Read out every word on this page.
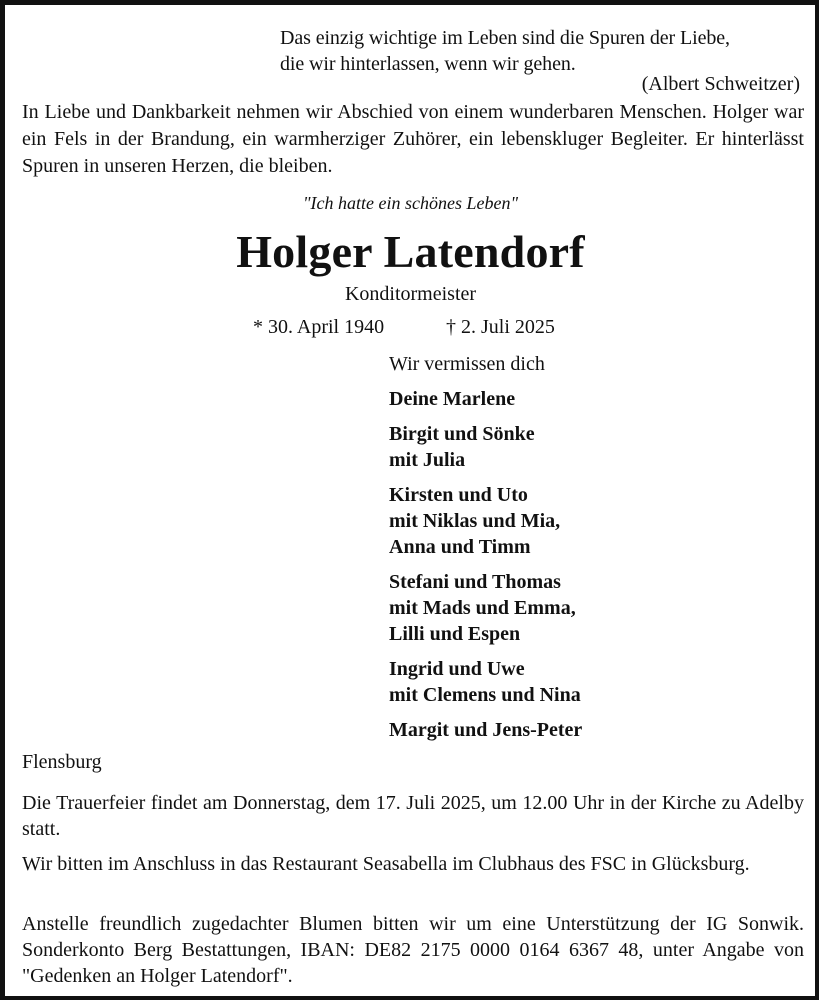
Das einzig wichtige im Leben sind die Spuren der Liebe,
die wir hinterlassen, wenn wir gehen.
(Albert Schweitzer)
In Liebe und Dankbarkeit nehmen wir Abschied von einem wunderbaren Menschen. Holger war ein Fels in der Brandung, ein warmherziger Zuhörer, ein lebenskluger Begleiter. Er hinterlässt Spuren in unseren Herzen, die bleiben.
"Ich hatte ein schönes Leben"
Holger Latendorf
Konditormeister
* 30. April 1940	† 2. Juli 2025
Wir vermissen dich
Deine Marlene
Birgit und Sönke
mit Julia
Kirsten und Uto
mit Niklas und Mia,
Anna und Timm
Stefani und Thomas
mit Mads und Emma,
Lilli und Espen
Ingrid und Uwe
mit Clemens und Nina
Margit und Jens-Peter
Flensburg
Die Trauerfeier findet am Donnerstag, dem 17. Juli 2025, um 12.00 Uhr in der Kirche zu Adelby statt.
Wir bitten im Anschluss in das Restaurant Seasabella im Clubhaus des FSC in Glücksburg.
Anstelle freundlich zugedachter Blumen bitten wir um eine Unterstützung der IG Sonwik. Sonderkonto Berg Bestattungen, IBAN: DE82 2175 0000 0164 6367 48, unter Angabe von "Gedenken an Holger Latendorf".
